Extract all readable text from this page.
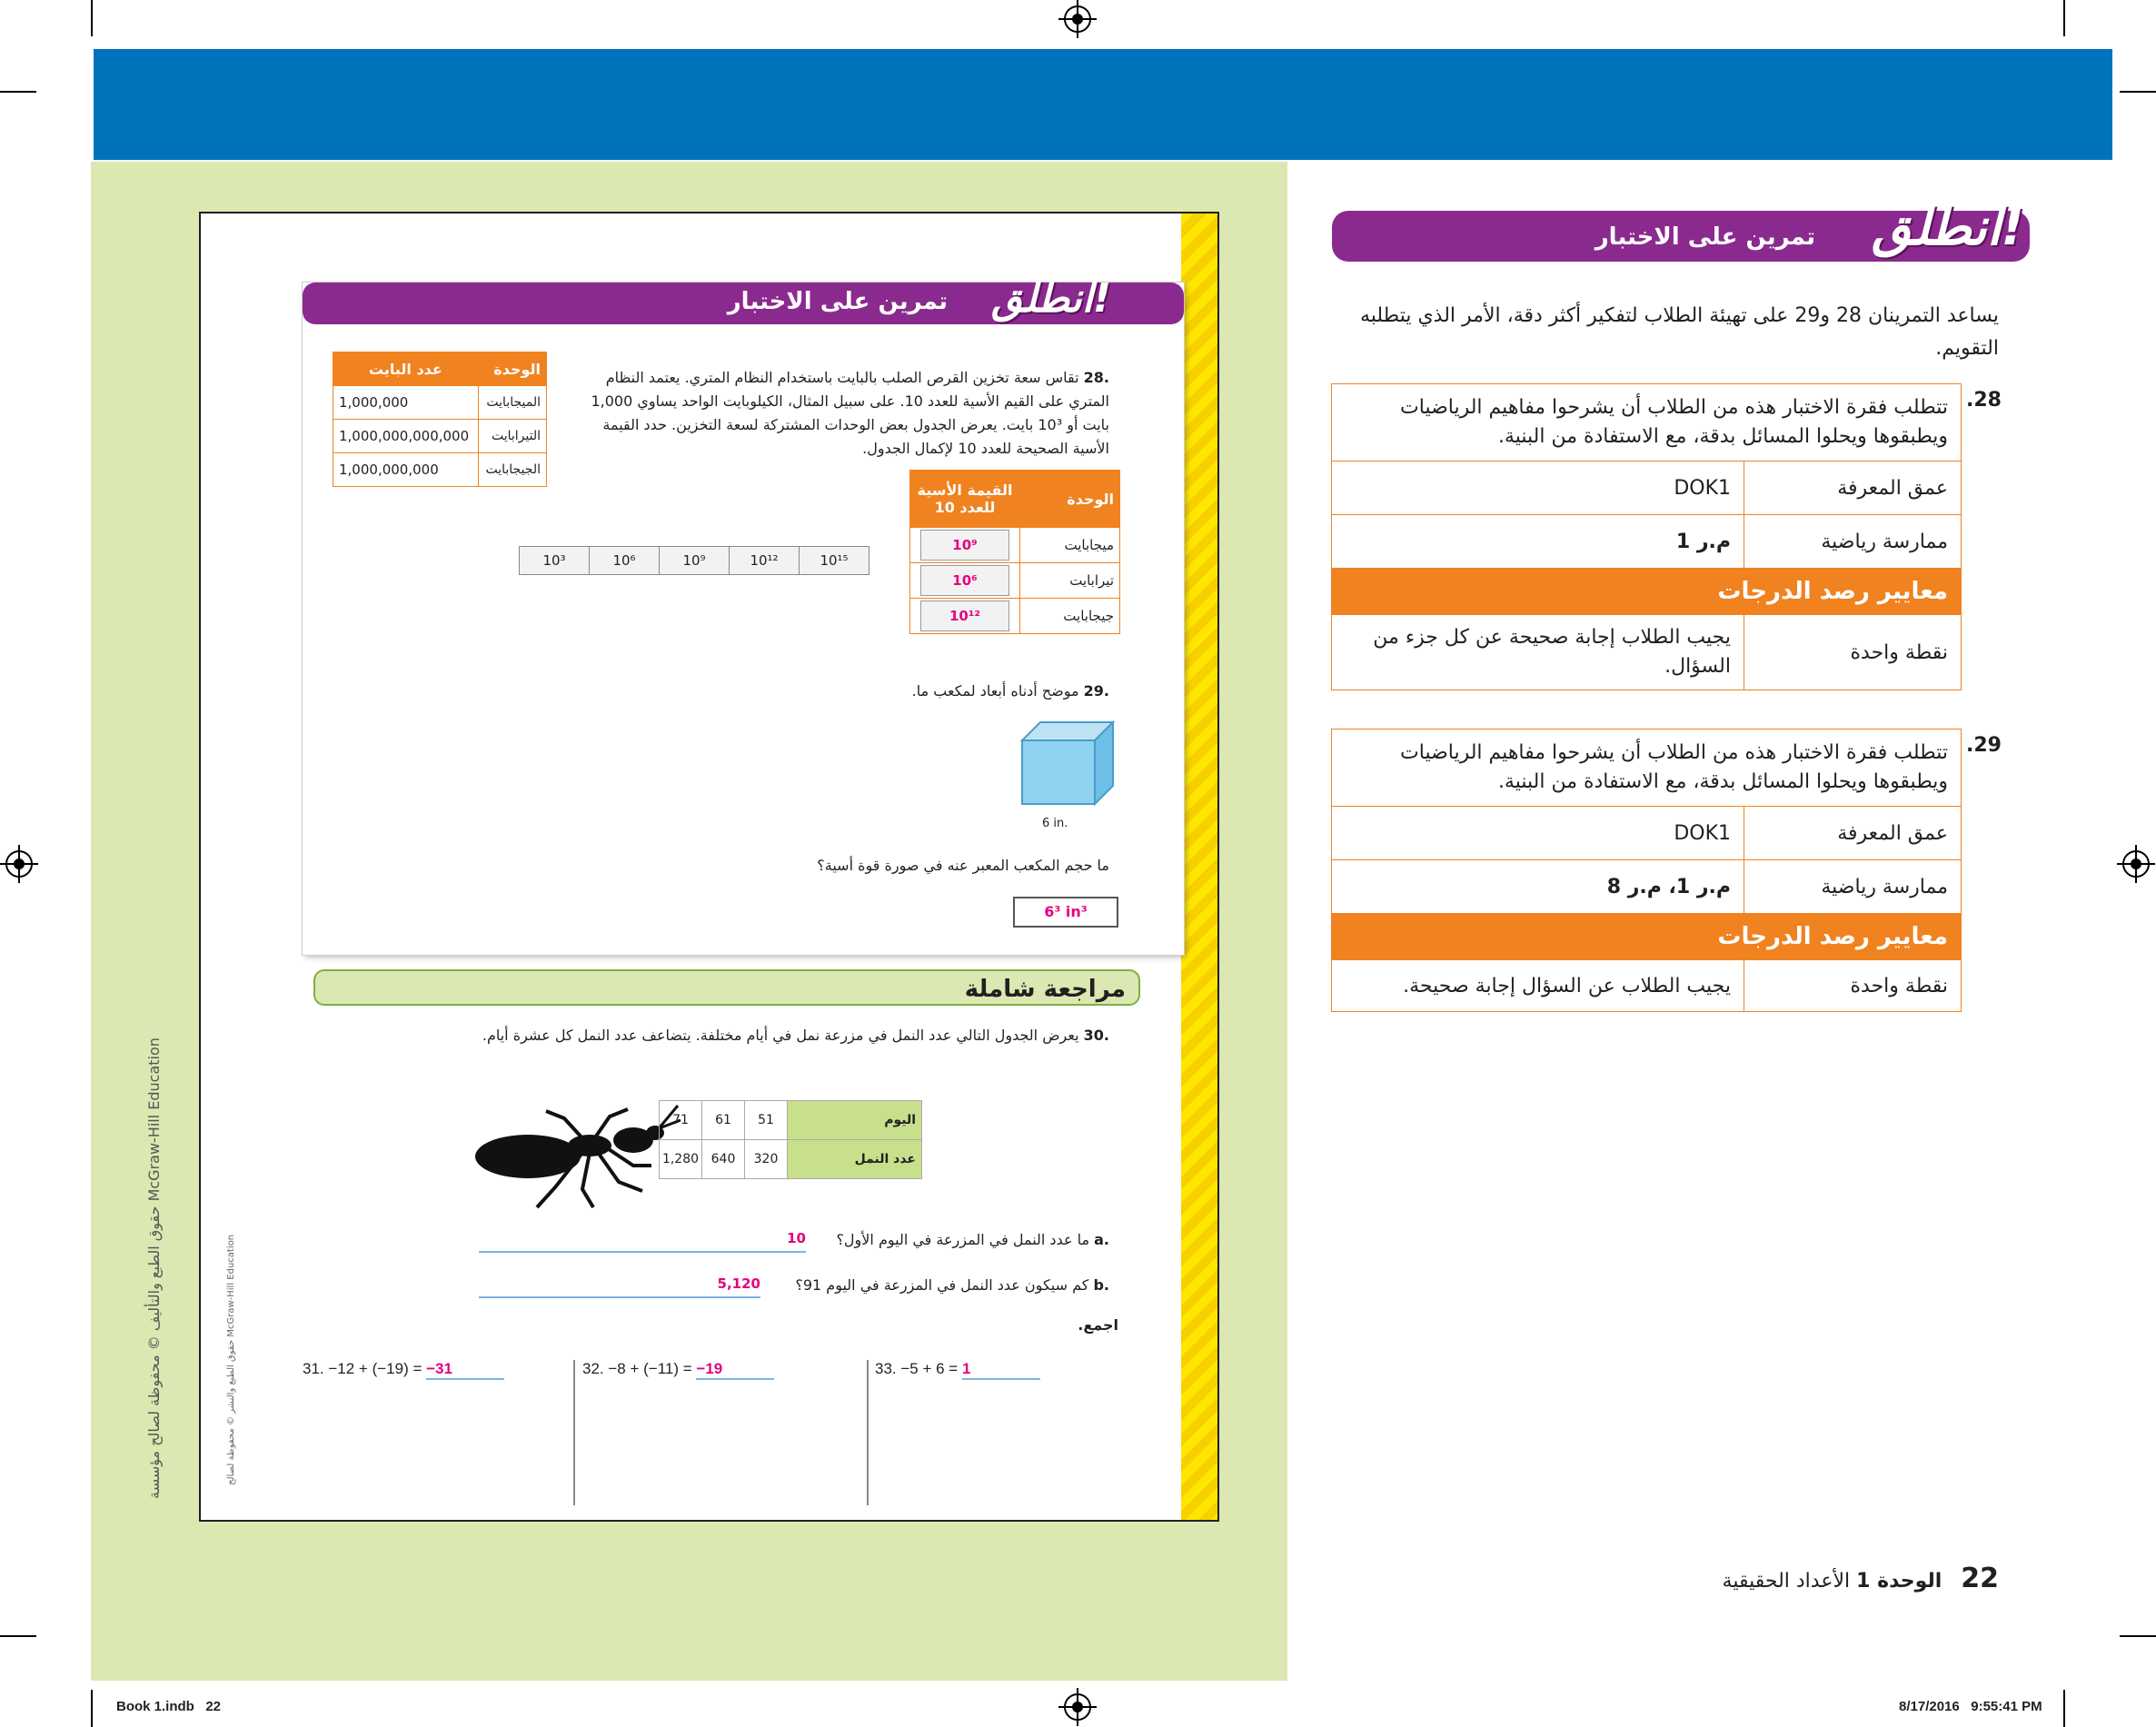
حقوق الطبع والتأليف © محفوظة لصالح مؤسسة McGraw-Hill Education
حقوق الطبع والنشر © محفوظة لصالح McGraw-Hill Education
انطلق!
تمرين على الاختبار
.28 تقاس سعة تخزين القرص الصلب بالبايت باستخدام النظام المتري. يعتمد النظام المتري على القيم الأسية للعدد 10. على سبيل المثال، الكيلوبايت الواحد يساوي 1,000 بايت أو 10³ بايت. يعرض الجدول بعض الوحدات المشتركة لسعة التخزين. حدد القيمة الأسية الصحيحة للعدد 10 لإكمال الجدول.
عدد البايت	الوحدة
1,000,000	الميجابايت
1,000,000,000,000	التيرابايت
1,000,000,000	الجيجابايت
10³	10⁶	10⁹	10¹²	10¹⁵
القيمة الأسية للعدد 10	الوحدة
10⁹	ميجابايت
10⁶	تيرابايت
10¹²	جيجابايت
.29 موضح أدناه أبعاد لمكعب ما.
6 in.
ما حجم المكعب المعبر عنه في صورة قوة أسية؟
6³ in³
مراجعة شاملة
.30 يعرض الجدول التالي عدد النمل في مزرعة نمل في أيام مختلفة. يتضاعف عدد النمل كل عشرة أيام.
71	61	51	اليوم
1,280	640	320	عدد النمل
.a ما عدد النمل في المزرعة في اليوم الأول؟
10
.b كم سيكون عدد النمل في المزرعة في اليوم 91؟
5,120
اجمع.
31. −12 + (−19) = −31	32. −8 + (−11) = −19	33. −5 + 6 = 1
انطلق!
تمرين على الاختبار
يساعد التمرينان 28 و29 على تهيئة الطلاب لتفكير أكثر دقة، الأمر الذي يتطلبه التقويم.
.28
تتطلب فقرة الاختبار هذه من الطلاب أن يشرحوا مفاهيم الرياضيات ويطبقوها ويحلوا المسائل بدقة، مع الاستفادة من البنية.	
عمق المعرفة	DOK1
ممارسة رياضية	م.ر 1
معايير رصد الدرجات	
نقطة واحدة	يجيب الطلاب إجابة صحيحة عن كل جزء من السؤال.
.29
تتطلب فقرة الاختبار هذه من الطلاب أن يشرحوا مفاهيم الرياضيات ويطبقوها ويحلوا المسائل بدقة، مع الاستفادة من البنية.	
عمق المعرفة	DOK1
ممارسة رياضية	م.ر 1، م.ر 8
معايير رصد الدرجات	
نقطة واحدة	يجيب الطلاب عن السؤال إجابة صحيحة.
22   الوحدة 1 الأعداد الحقيقية
Book 1.indb   22	8/17/2016   9:55:41 PM
